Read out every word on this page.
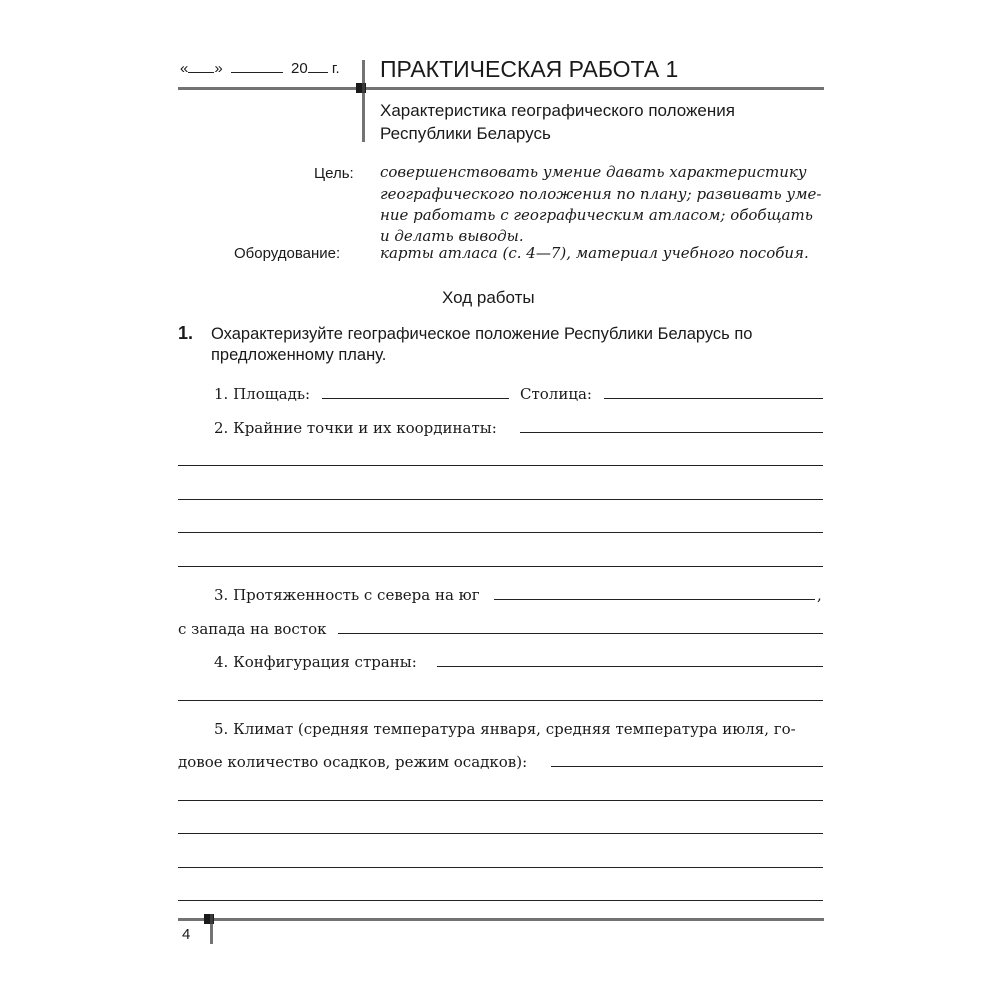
« »	20 г. ПРАКТИЧЕСКАЯ РАБОТА 1
Характеристика географического положения
Республики Беларусь
Цель: совершенствовать умение давать характеристику
географического положения по плану; развивать уме-
ние работать с географическим атласом; обобщать
и делать выводы.
Оборудование:	карты атласа (с. 4—7), материал учебного пособия.
Ход работы
1. Охарактеризуйте географическое положение Республики Беларусь по
предложенному плану.
1. Площадь:	Столица:
2. Крайние точки и их координаты:
3. Протяженность с севера на юг	,
с запада на восток
4. Конфигурация страны:
5. Климат (средняя температура января, средняя температура июля, го-
довое количество осадков, режим осадков):
4
